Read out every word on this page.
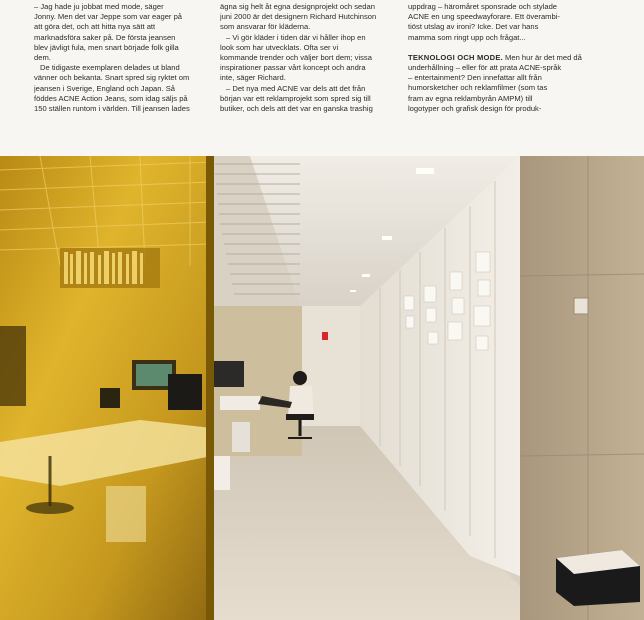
– Jag hade ju jobbat med mode, säger
Jonny. Men det var Jeppe som var eager på
att göra det, och att hitta nya sätt att
marknadsföra saker på. De första jeansen
blev jävligt fula, men snart började folk gilla
dem.
De tidigaste exemplaren delades ut bland
vänner och bekanta. Snart spred sig ryktet om
jeansen i Sverige, England och Japan. Så
föddes ACNE Action Jeans, som idag säljs på
150 ställen runtom i världen. Till jeansen lades
ägna sig helt åt egna designprojekt och sedan
juni 2000 är det designern Richard Hutchinson
som ansvarar för kläderna.
– Vi gör kläder i tiden där vi håller ihop en
look som har utvecklats. Ofta ser vi
kommande trender och väljer bort dem; vissa
inspirationer passar vårt koncept och andra
inte, säger Richard.
– Det nya med ACNE var dels att det från
början var ett reklamprojekt som spred sig till
butiker, och dels att det var en ganska trashig
uppdrag – häromåret sponsrade och stylade
ACNE en ung speedwayforare. Ett överambi-
tiöst utslag av ironi? Icke. Det var hans
mamma som ringt upp och frågat...
TEKNOLOGI OCH MODE. Men hur är det med då
underhållning – eller för att prata ACNE-språk
– entertainment? Den innefattar allt från
humorsketcher och reklamfilmer (som tas
fram av egna reklambyrån AMPM) till
logotyper och grafisk design för produk-
